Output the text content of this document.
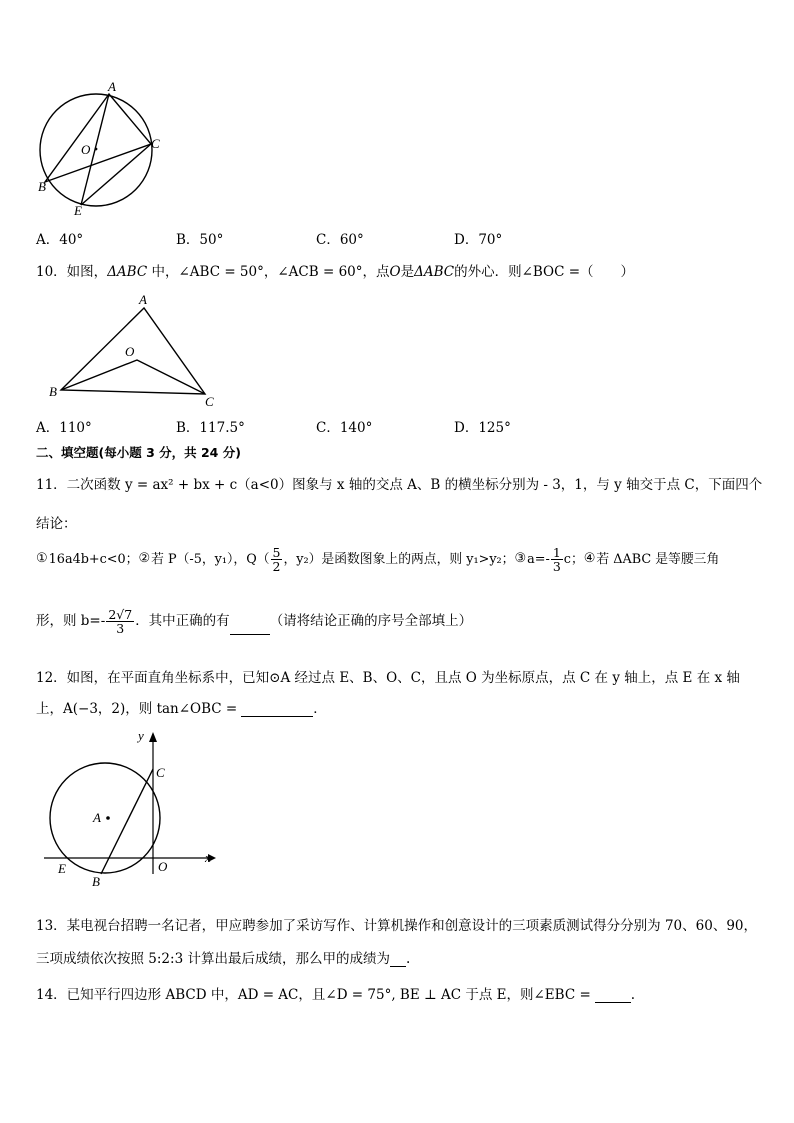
A
B
C
E
O
A．40°	B．50°	C．60°	D．70°
10．如图，ΔABC 中，∠ABC = 50°，∠ACB = 60°，点O是ΔABC的外心．则∠BOC =（　　）
A
B
C
O
A．110°	B．117.5°	C．140°	D．125°
二、填空题(每小题 3 分，共 24 分)
11．二次函数 y = ax² + bx + c（a<0）图象与 x 轴的交点 A、B 的横坐标分别为 - 3，1，与 y 轴交于点 C，下面四个
结论：
①16a4b+c<0；②若 P（-5，y₁），$Q( \frac{5}{2}$ ，y₂）是函数图象上的两点，则 y₁>y₂；③a=- $\frac{1}{3}$ c；④若 ΔABC 是等腰三角
形，则 $b=- \frac{2√7}{3}$ ．其中正确的有	（请将结论正确的序号全部填上）
12．如图，在平面直角坐标系中，已知⊙A 经过点 E、B、O、C，且点 O 为坐标原点，点 C 在 y 轴上，点 E 在 x 轴
上，A(−3，2)，则 tan∠OBC =	．
y
C
A
x
E	O
B
13．某电视台招聘一名记者，甲应聘参加了采访写作、计算机操作和创意设计的三项素质测试得分分别为 70、60、90，
三项成绩依次按照 5:2:3 计算出最后成绩，那么甲的成绩为 .
14．已知平行四边形 ABCD 中，AD = AC，且∠D = 75°, BE ⊥ AC 于点 E，则∠EBC =	.
